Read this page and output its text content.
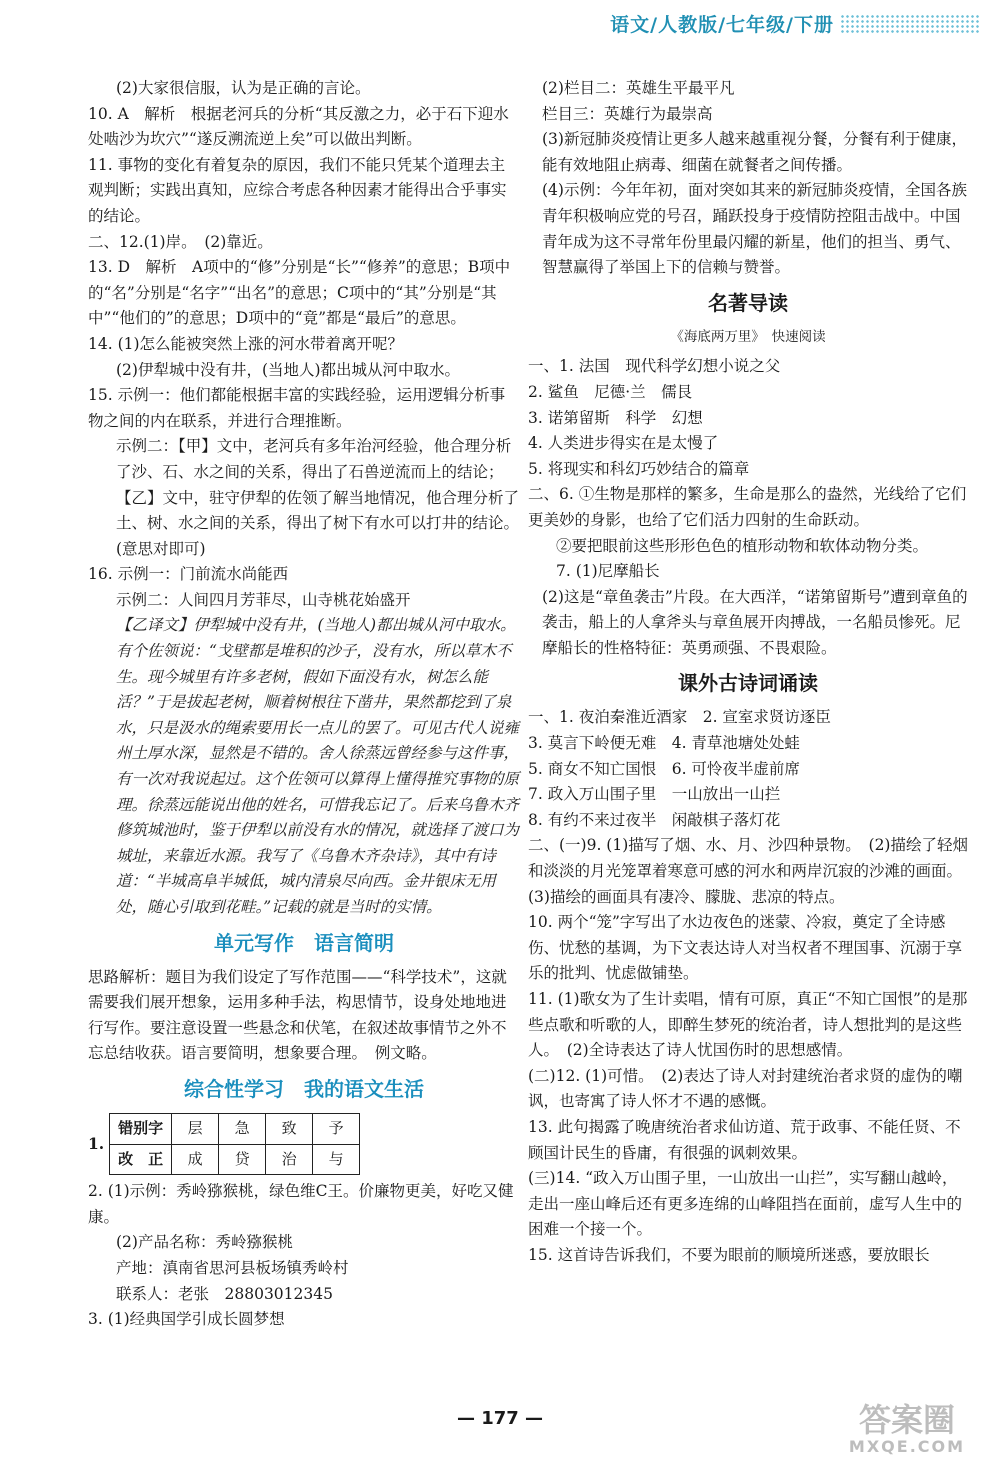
语文/人教版/七年级/下册

(2)大家很信服，认为是正确的言论。

10. A　解析　根据老河兵的分析“其反激之力，必于石下迎水处啮沙为坎穴”“遂反溯流逆上矣”可以做出判断。

11. 事物的变化有着复杂的原因，我们不能只凭某个道理去主观判断；实践出真知，应综合考虑各种因素才能得出合乎事实的结论。

二、12.(1)岸。　(2)靠近。

13. D　解析　A项中的“修”分别是“长”“修养”的意思；B项中的“名”分别是“名字”“出名”的意思；C项中的“其”分别是“其中”“他们的”的意思；D项中的“竟”都是“最后”的意思。

14. (1)怎么能被突然上涨的河水带着离开呢？

(2)伊犁城中没有井，(当地人)都出城从河中取水。

15. 示例一：他们都能根据丰富的实践经验，运用逻辑分析事物之间的内在联系，并进行合理推断。

示例二：【甲】文中，老河兵有多年治河经验，他合理分析了沙、石、水之间的关系，得出了石兽逆流而上的结论；【乙】文中，驻守伊犁的佐领了解当地情况，他合理分析了土、树、水之间的关系，得出了树下有水可以打井的结论。(意思对即可)

16. 示例一：门前流水尚能西

示例二：人间四月芳菲尽，山寺桃花始盛开

【乙译文】伊犁城中没有井，(当地人)都出城从河中取水。有个佐领说：“戈壁都是堆积的沙子，没有水，所以草木不生。现今城里有许多老树，假如下面没有水，树怎么能活？”于是拔起老树，顺着树根往下凿井，果然都挖到了泉水，只是汲水的绳索要用长一点儿的罢了。可见古代人说雍州土厚水深，显然是不错的。舍人徐蒸远曾经参与这件事，有一次对我说起过。这个佐领可以算得上懂得推究事物的原理。徐蒸远能说出他的姓名，可惜我忘记了。后来乌鲁木齐修筑城池时，鉴于伊犁以前没有水的情况，就选择了渡口为城址，来靠近水源。我写了《乌鲁木齐杂诗》，其中有诗道：“半城高阜半城低，城内清泉尽向西。金井银床无用处，随心引取到花畦。”记载的就是当时的实情。

单元写作　语言简明

思路解析：题目为我们设定了写作范围——“科学技术”，这就需要我们展开想象，运用多种手法，构思情节，设身处地地进行写作。要注意设置一些悬念和伏笔，在叙述故事情节之外不忘总结收获。语言要简明，想象要合理。　例文略。

综合性学习　我的语文生活
1. 错别字	层	急	致	予
改　正	成	贷	治	与

2. (1)示例：秀岭猕猴桃，绿色维C王。价廉物更美，好吃又健康。

(2)产品名称：秀岭猕猴桃

产地：滇南省思河县板场镇秀岭村

联系人：老张　28803012345

3. (1)经典国学引成长圆梦想

(2)栏目二：英雄生平最平凡

栏目三：英雄行为最崇高

(3)新冠肺炎疫情让更多人越来越重视分餐，分餐有利于健康，能有效地阻止病毒、细菌在就餐者之间传播。

(4)示例：今年年初，面对突如其来的新冠肺炎疫情，全国各族青年积极响应党的号召，踊跃投身于疫情防控阻击战中。中国青年成为这不寻常年份里最闪耀的新星，他们的担当、勇气、智慧赢得了举国上下的信赖与赞誉。

名著导读
《海底两万里》　快速阅读

一、1. 法国　现代科学幻想小说之父

2. 鲨鱼　尼德·兰　儒艮

3. 诺第留斯　科学　幻想

4. 人类进步得实在是太慢了

5. 将现实和科幻巧妙结合的篇章

二、6. ①生物是那样的繁多，生命是那么的盎然，光线给了它们更美妙的身影，也给了它们活力四射的生命跃动。

②要把眼前这些形形色色的植形动物和软体动物分类。

7. (1)尼摩船长

(2)这是“章鱼袭击”片段。在大西洋，“诺第留斯号”遭到章鱼的袭击，船上的人拿斧头与章鱼展开肉搏战，一名船员惨死。尼摩船长的性格特征：英勇顽强、不畏艰险。

课外古诗词诵读

一、1. 夜泊秦淮近酒家　2. 宣室求贤访逐臣

3. 莫言下岭便无难　4. 青草池塘处处蛙

5. 商女不知亡国恨　6. 可怜夜半虚前席

7. 政入万山围子里　一山放出一山拦

8. 有约不来过夜半　闲敲棋子落灯花

二、(一)9. (1)描写了烟、水、月、沙四种景物。　(2)描绘了轻烟和淡淡的月光笼罩着寒意可感的河水和两岸沉寂的沙滩的画面。　(3)描绘的画面具有凄冷、朦胧、悲凉的特点。

10. 两个“笼”字写出了水边夜色的迷蒙、冷寂，奠定了全诗感伤、忧愁的基调，为下文表达诗人对当权者不理国事、沉溺于享乐的批判、忧虑做铺垫。

11. (1)歌女为了生计卖唱，情有可原，真正“不知亡国恨”的是那些点歌和听歌的人，即醉生梦死的统治者，诗人想批判的是这些人。　(2)全诗表达了诗人忧国伤时的思想感情。

(二)12. (1)可惜。　(2)表达了诗人对封建统治者求贤的虚伪的嘲讽，也寄寓了诗人怀才不遇的感慨。

13. 此句揭露了晚唐统治者求仙访道、荒于政事、不能任贤、不顾国计民生的昏庸，有很强的讽刺效果。

(三)14. “政入万山围子里，一山放出一山拦”，实写翻山越岭，走出一座山峰后还有更多连绵的山峰阻挡在面前，虚写人生中的困难一个接一个。

15. 这首诗告诉我们，不要为眼前的顺境所迷惑，要放眼长

— 177 —	答案圈
MXQE.COM
